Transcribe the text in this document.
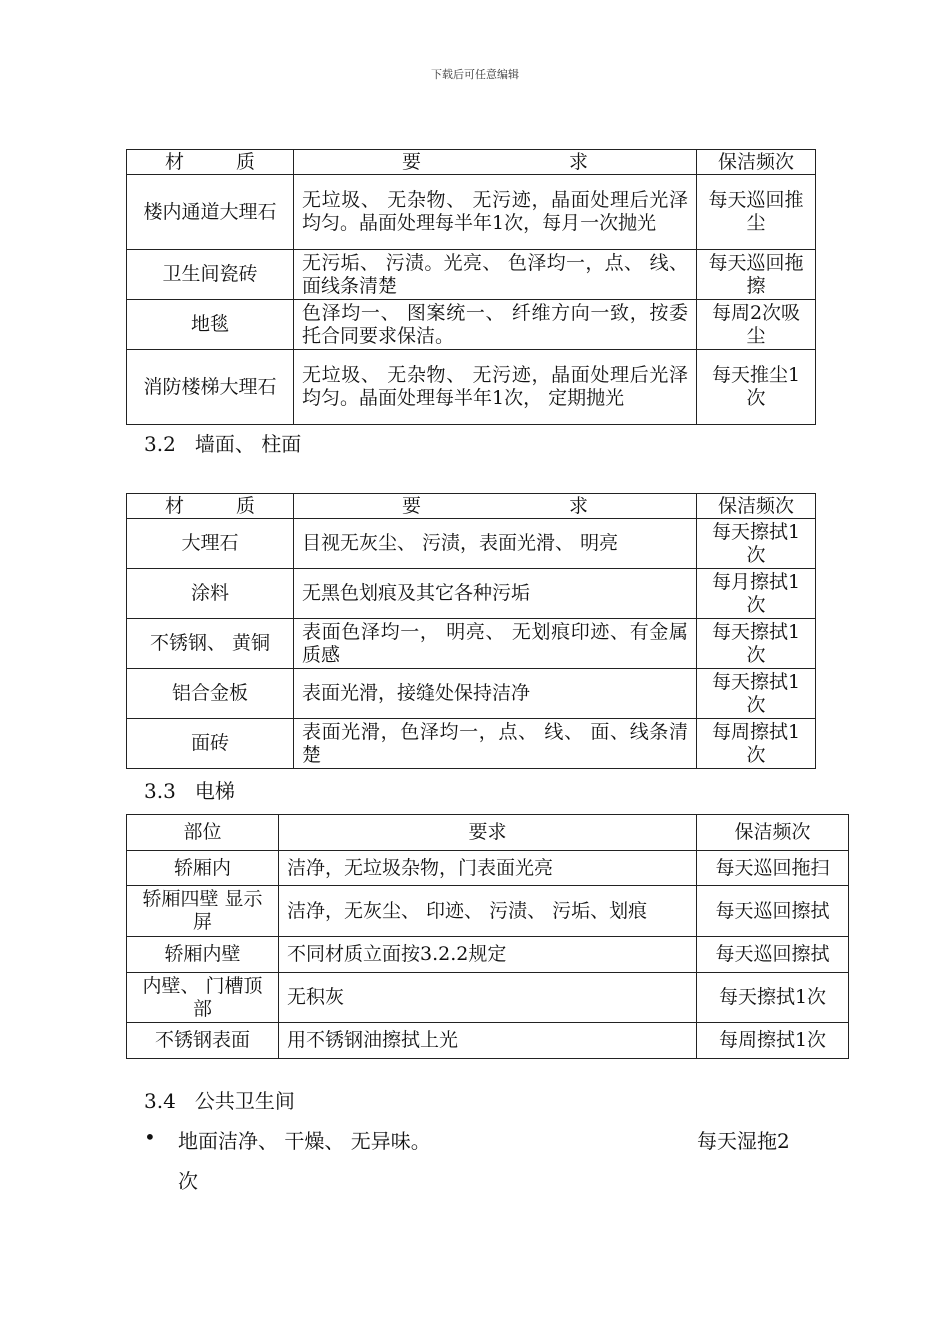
下载后可任意编辑
材 质	要 求	保洁频次
楼内通道大理石	无垃圾、 无杂物、 无污迹，晶面处理后光泽均匀。晶面处理每半年1次，每月一次抛光	每天巡回推尘
卫生间瓷砖	无污垢、 污渍。光亮、 色泽均一，点、 线、 面线条清楚	每天巡回拖擦
地毯	色泽均一、 图案统一、 纤维方向一致，按委托合同要求保洁。	每周2次吸尘
消防楼梯大理石	无垃圾、 无杂物、 无污迹，晶面处理后光泽均匀。晶面处理每半年1次， 定期抛光	每天推尘1次
3.2   墙面、 柱面
材 质	要 求	保洁频次
大理石	目视无灰尘、 污渍，表面光滑、 明亮	每天擦拭1次
涂料	无黑色划痕及其它各种污垢	每月擦拭1次
不锈钢、 黄铜	表面色泽均一， 明亮、 无划痕印迹、有金属质感	每天擦拭1次
铝合金板	表面光滑，接缝处保持洁净	每天擦拭1次
面砖	表面光滑，色泽均一，点、 线、 面、线条清楚	每周擦拭1次
3.3   电梯
部位	要求	保洁频次
轿厢内	洁净，无垃圾杂物，门表面光亮	每天巡回拖扫
轿厢四壁 显示屏	洁净，无灰尘、 印迹、 污渍、 污垢、划痕	每天巡回擦拭
轿厢内壁	不同材质立面按3.2.2规定	每天巡回擦拭
内壁、 门槽顶部	无积灰	每天擦拭1次
不锈钢表面	用不锈钢油擦拭上光	每周擦拭1次
3.4   公共卫生间
• 地面洁净、 干燥、 无异味。	每天湿拖2
次
